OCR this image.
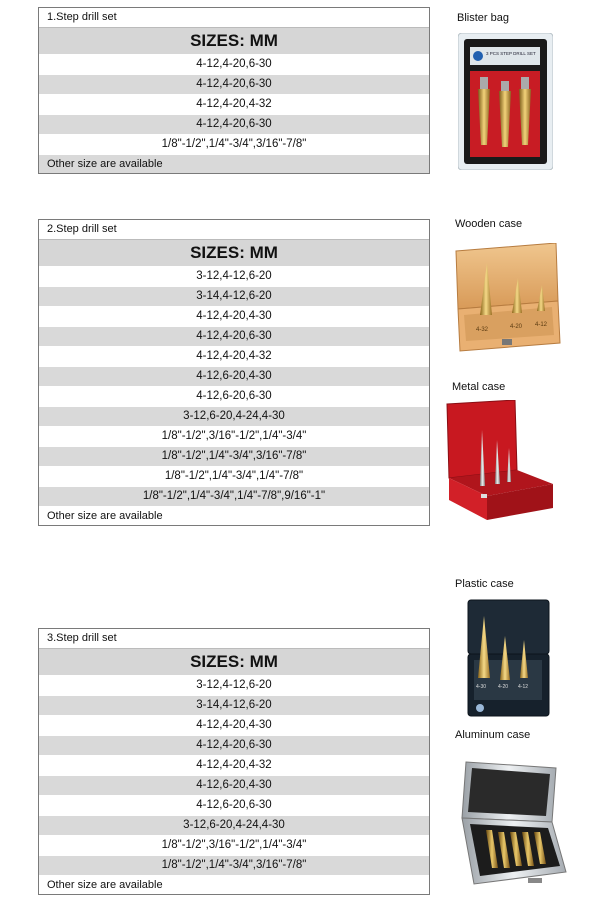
1.Step drill set
SIZES: MM
4-12,4-20,6-30
4-12,4-20,6-30
4-12,4-20,4-32
4-12,4-20,6-30
1/8"-1/2",1/4"-3/4",3/16"-7/8"
Other size are available
2.Step drill set
SIZES: MM
3-12,4-12,6-20
3-14,4-12,6-20
4-12,4-20,4-30
4-12,4-20,6-30
4-12,4-20,4-32
4-12,6-20,4-30
4-12,6-20,6-30
3-12,6-20,4-24,4-30
1/8"-1/2",3/16"-1/2",1/4"-3/4"
1/8"-1/2",1/4"-3/4",3/16"-7/8"
1/8"-1/2",1/4"-3/4",1/4"-7/8"
1/8"-1/2",1/4"-3/4",1/4"-7/8",9/16"-1"
Other size are available
3.Step drill set
SIZES: MM
3-12,4-12,6-20
3-14,4-12,6-20
4-12,4-20,4-30
4-12,4-20,6-30
4-12,4-20,4-32
4-12,6-20,4-30
4-12,6-20,6-30
3-12,6-20,4-24,4-30
1/8"-1/2",3/16"-1/2",1/4"-3/4"
1/8"-1/2",1/4"-3/4",3/16"-7/8"
Other size are available
Blister bag
Wooden case
Metal case
Plastic case
Aluminum case
3 PCS STEP DRILL SET
4-32	4-20 4-12
4-30 4-20 4-12
